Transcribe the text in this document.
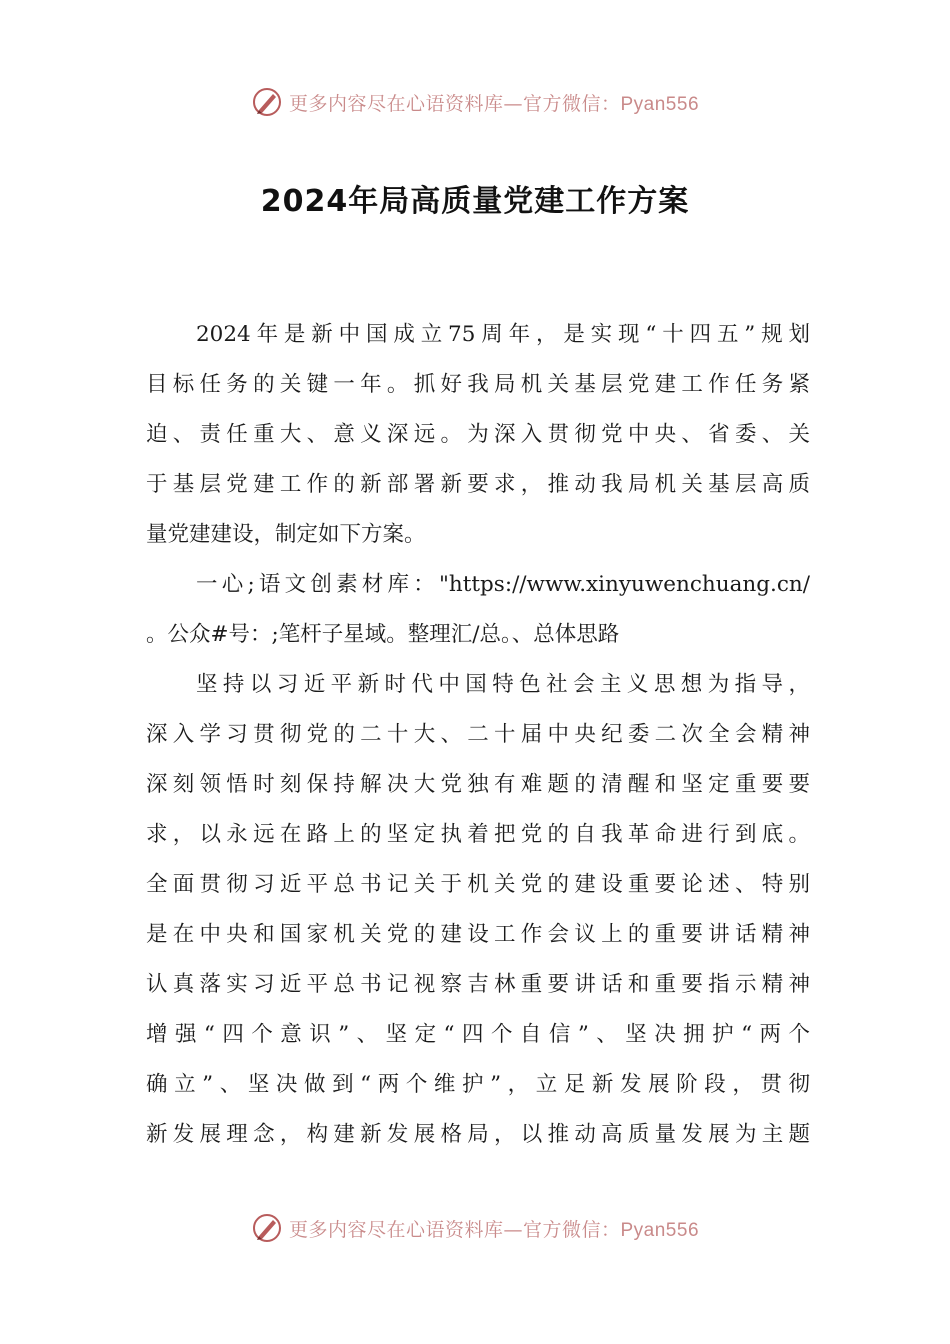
更多内容尽在心语资料库—官方微信：Pyan556
2024年局高质量党建工作方案
2024年是新中国成立75周年，是实现“十四五”规划
目标任务的关键一年。抓好我局机关基层党建工作任务紧
迫、责任重大、意义深远。为深入贯彻党中央、省委、关
于基层党建工作的新部署新要求，推动我局机关基层高质
量党建建设，制定如下方案。
一心;语文创素材库："https://www.xinyuwenchuang.cn/
。公众#号：;笔杆子星域。整理汇/总。、总体思路
坚持以习近平新时代中国特色社会主义思想为指导，
深入学习贯彻党的二十大、二十届中央纪委二次全会精神
深刻领悟时刻保持解决大党独有难题的清醒和坚定重要要
求，以永远在路上的坚定执着把党的自我革命进行到底。
全面贯彻习近平总书记关于机关党的建设重要论述、特别
是在中央和国家机关党的建设工作会议上的重要讲话精神
认真落实习近平总书记视察吉林重要讲话和重要指示精神
增强“四个意识”、坚定“四个自信”、坚决拥护“两个
确立”、坚决做到“两个维护”，立足新发展阶段，贯彻
新发展理念，构建新发展格局，以推动高质量发展为主题
更多内容尽在心语资料库—官方微信：Pyan556
